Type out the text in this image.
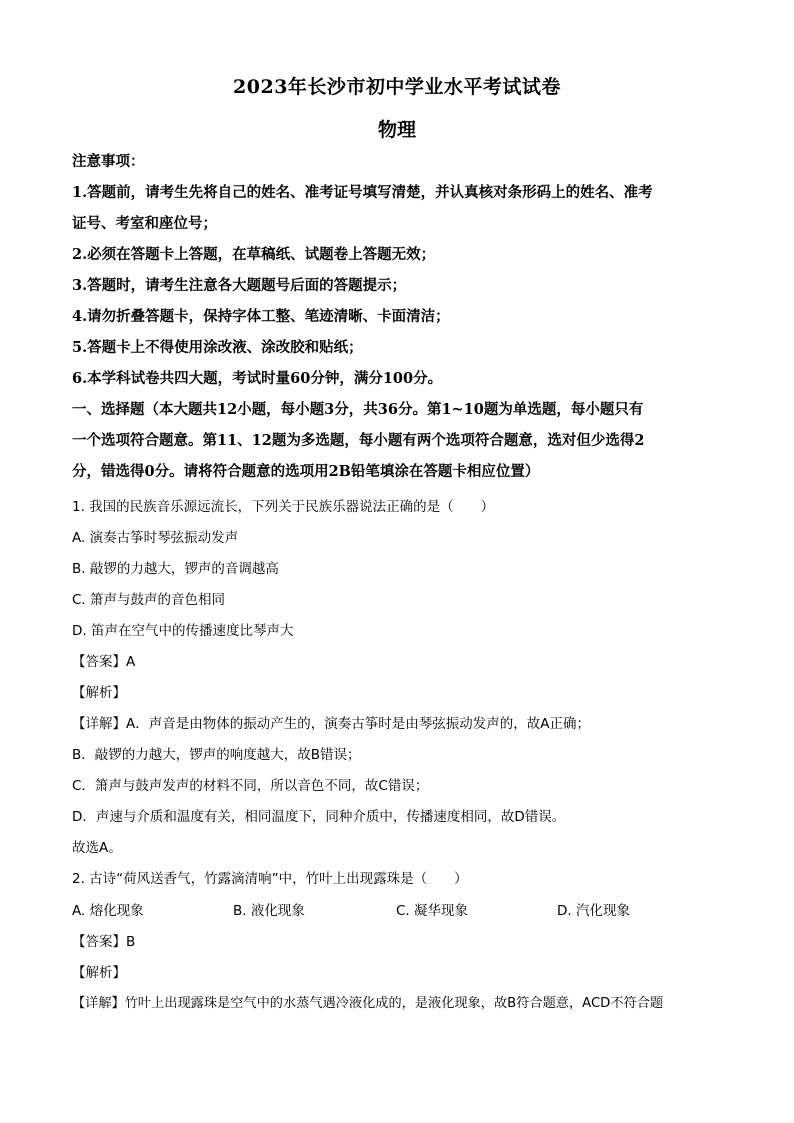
2023年长沙市初中学业水平考试试卷
物理
注意事项：
1.答题前，请考生先将自己的姓名、准考证号填写清楚，并认真核对条形码上的姓名、准考
证号、考室和座位号；
2.必须在答题卡上答题，在草稿纸、试题卷上答题无效；
3.答题时，请考生注意各大题题号后面的答题提示；
4.请勿折叠答题卡，保持字体工整、笔迹清晰、卡面清洁；
5.答题卡上不得使用涂改液、涂改胶和贴纸；
6.本学科试卷共四大题，考试时量60分钟，满分100分。
一、选择题（本大题共12小题，每小题3分，共36分。第1~10题为单选题，每小题只有
一个选项符合题意。第11、12题为多选题，每小题有两个选项符合题意，选对但少选得2
分，错选得0分。请将符合题意的选项用2B铅笔填涂在答题卡相应位置）
1. 我国的民族音乐源远流长，下列关于民族乐器说法正确的是（　　）
A. 演奏古筝时琴弦振动发声
B. 敲锣的力越大，锣声的音调越高
C. 箫声与鼓声的音色相同
D. 笛声在空气中的传播速度比琴声大
【答案】A
【解析】
【详解】A．声音是由物体的振动产生的，演奏古筝时是由琴弦振动发声的，故A正确；
B．敲锣的力越大，锣声的响度越大，故B错误；
C．箫声与鼓声发声的材料不同，所以音色不同，故C错误；
D．声速与介质和温度有关，相同温度下，同种介质中，传播速度相同，故D错误。
故选A。
2. 古诗“荷风送香气，竹露滴清响”中，竹叶上出现露珠是（　　）
A. 熔化现象	B. 液化现象	C. 凝华现象	D. 汽化现象
【答案】B
【解析】
【详解】竹叶上出现露珠是空气中的水蒸气遇冷液化成的，是液化现象，故B符合题意，ACD不符合题
